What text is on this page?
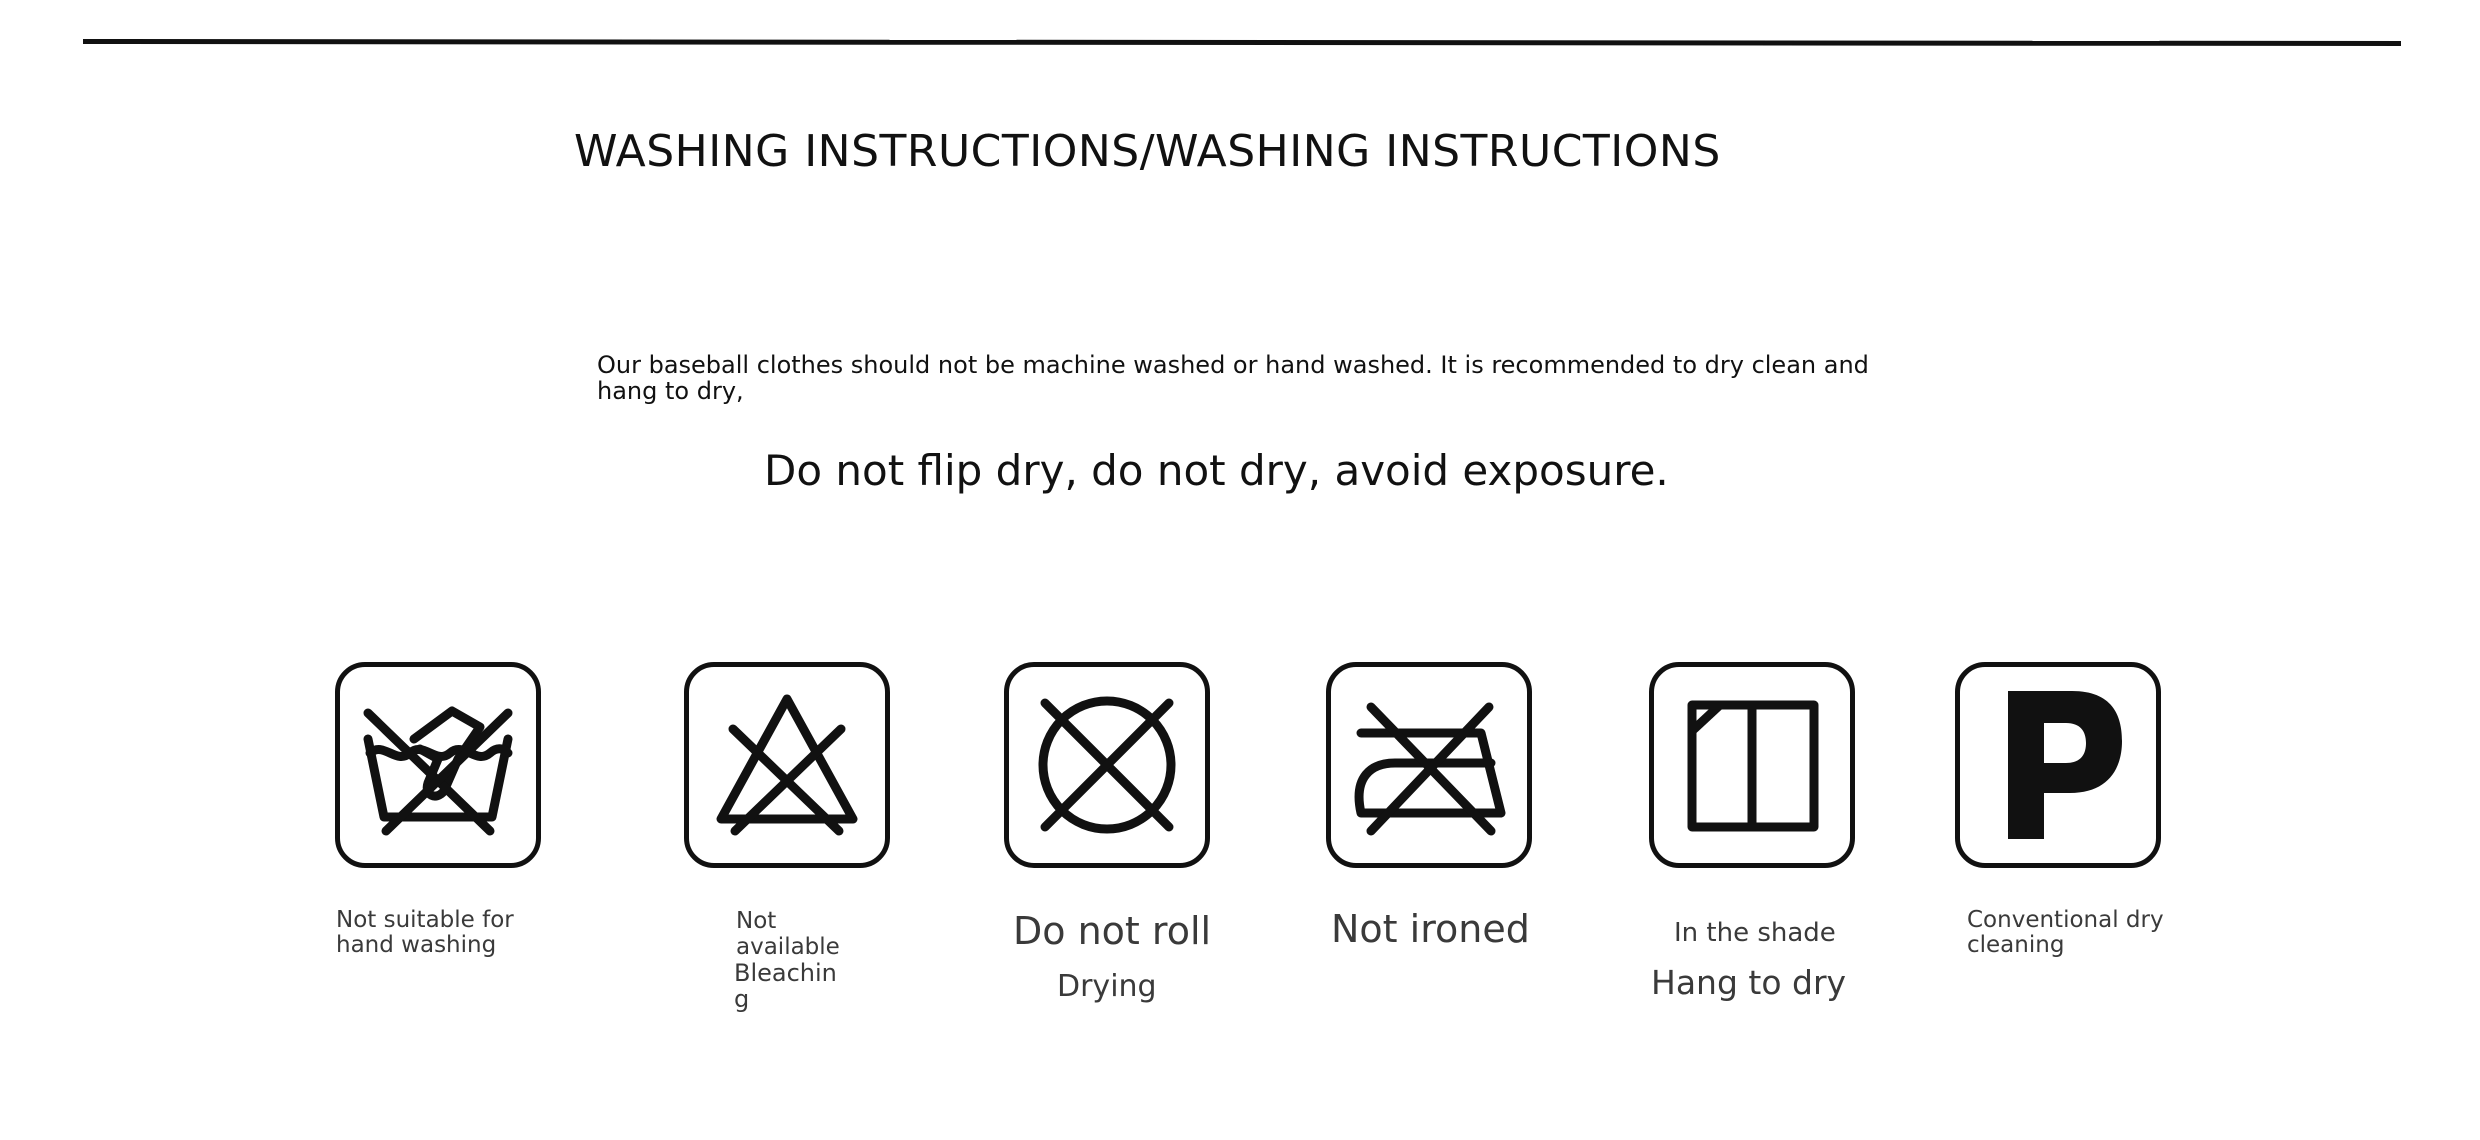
WASHING INSTRUCTIONS/WASHING INSTRUCTIONS
Our baseball clothes should not be machine washed or hand washed. It is recommended to dry clean and hang to dry,
Do not flip dry, do not dry, avoid exposure.
Not suitable for
hand washing
Not
available
Bleachin
g
Do not roll
Drying
Not ironed	In the shade
Hang to dry
Conventional dry
cleaning
